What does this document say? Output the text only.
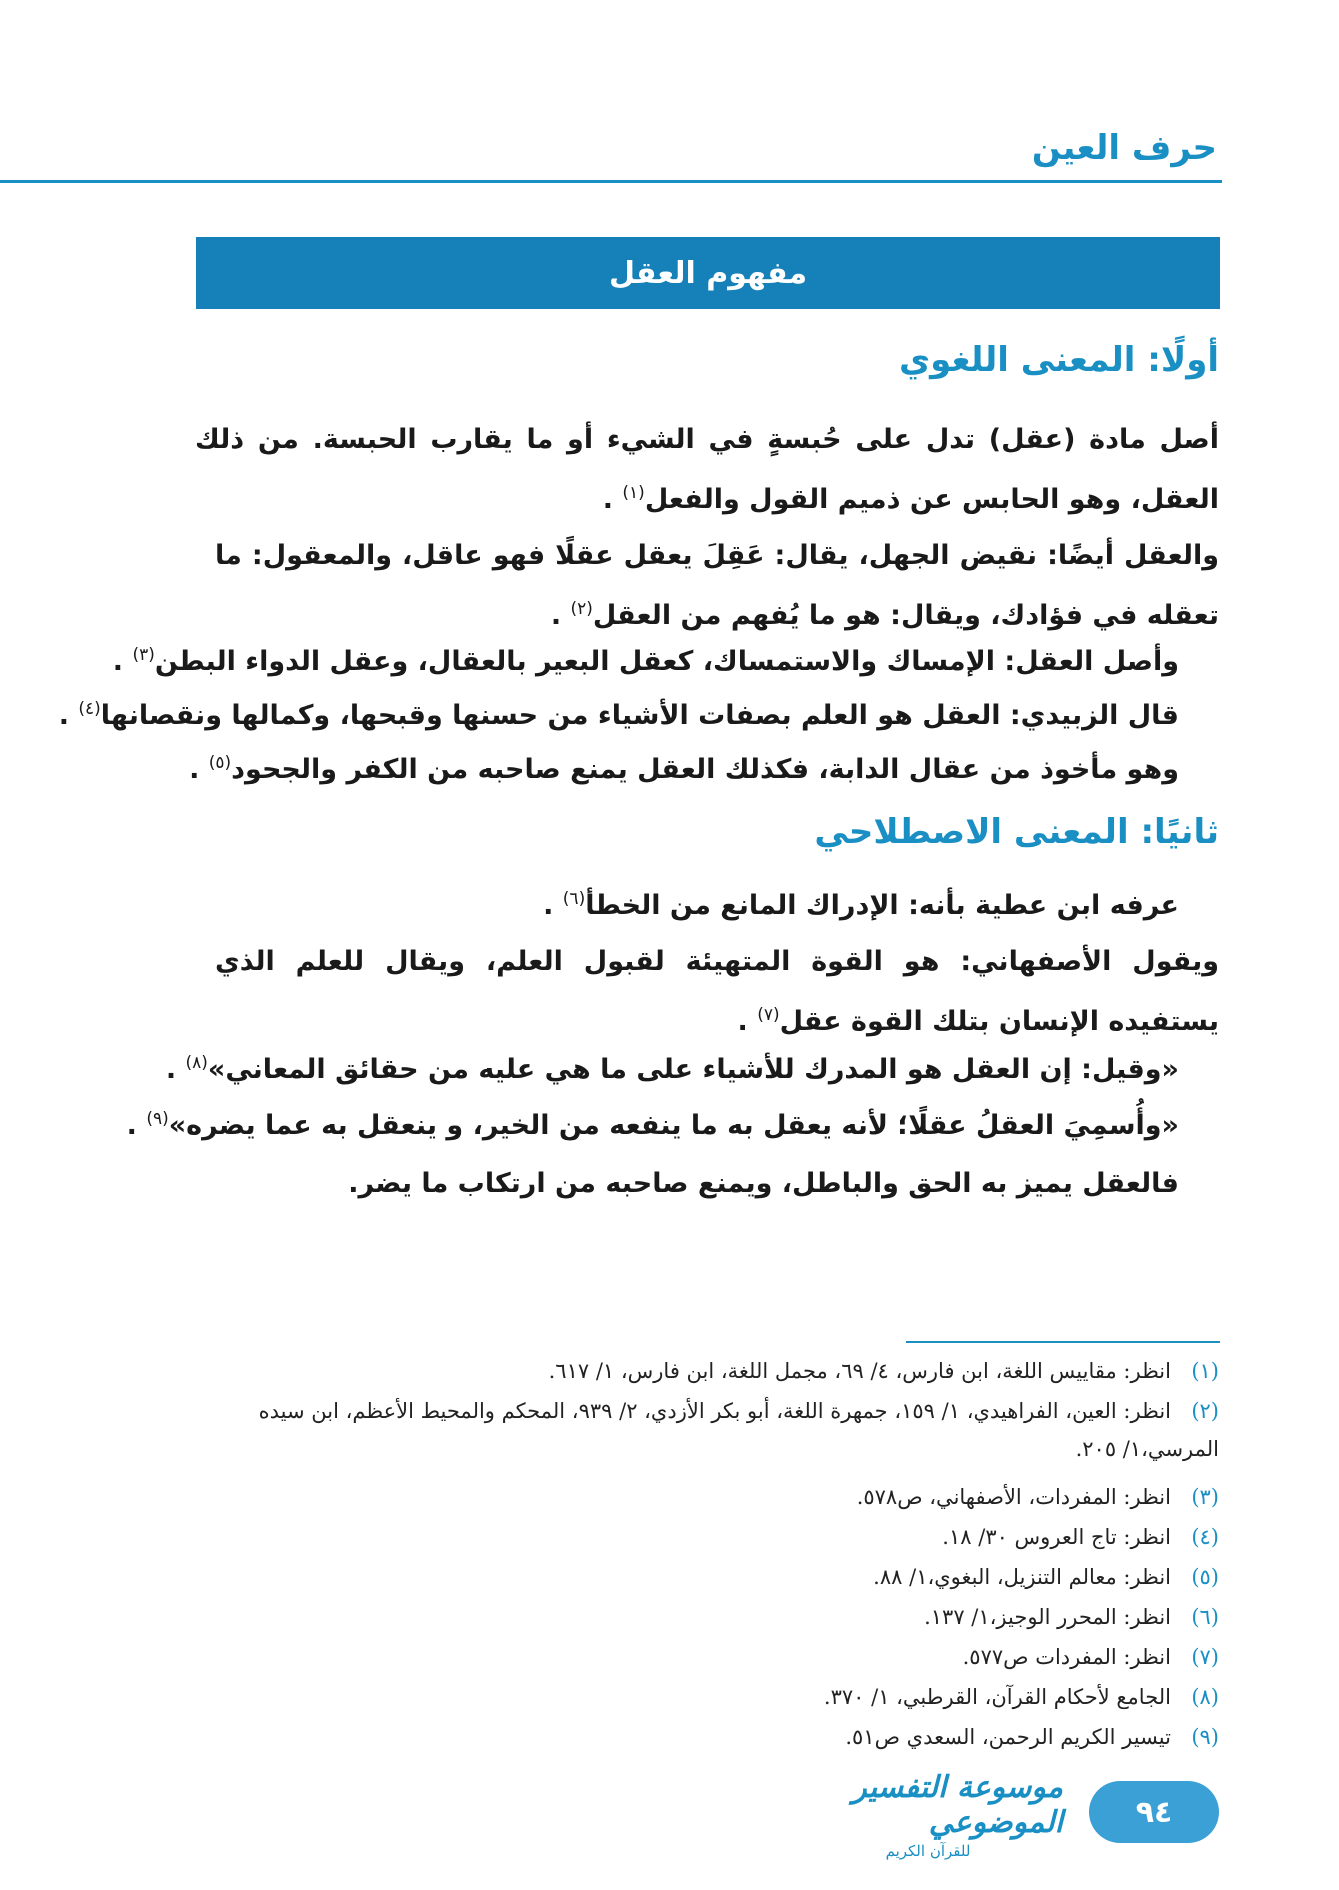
حرف العين
مفهوم العقل
أولًا: المعنى اللغوي
أصل مادة (عقل) تدل على حُبسةٍ في الشيء أو ما يقارب الحبسة. من ذلك العقل، وهو الحابس عن ذميم القول والفعل$^{(١)}$ .
والعقل أيضًا: نقيض الجهل، يقال: عَقِلَ يعقل عقلًا فهو عاقل، والمعقول: ما تعقله في فؤادك، ويقال: هو ما يُفهم من العقل$^{(٢)}$ .
وأصل العقل: الإمساك والاستمساك، كعقل البعير بالعقال، وعقل الدواء البطن$^{(٣)}$ .
قال الزبيدي: العقل هو العلم بصفات الأشياء من حسنها وقبحها، وكمالها ونقصانها$^{(٤)}$ .
وهو مأخوذ من عقال الدابة، فكذلك العقل يمنع صاحبه من الكفر والجحود$^{(٥)}$ .
ثانيًا: المعنى الاصطلاحي
عرفه ابن عطية بأنه: الإدراك المانع من الخطأ$^{(٦)}$ .
ويقول الأصفهاني: هو القوة المتهيئة لقبول العلم، ويقال للعلم الذي يستفيده الإنسان بتلك القوة عقل$^{(٧)}$ .
«وقيل: إن العقل هو المدرك للأشياء على ما هي عليه من حقائق المعاني»$^{(٨)}$ .
«وأُسمِيَ العقلُ عقلًا؛ لأنه يعقل به ما ينفعه من الخير، و ينعقل به عما يضره»$^{(٩)}$ .
فالعقل يميز به الحق والباطل، ويمنع صاحبه من ارتكاب ما يضر.
(١)انظر: مقاييس اللغة، ابن فارس، ٤/ ٦٩، مجمل اللغة، ابن فارس، ١/ ٦١٧.
(٢)انظر: العين، الفراهيدي، ١/ ١٥٩، جمهرة اللغة، أبو بكر الأزدي، ٢/ ٩٣٩، المحكم والمحيط الأعظم، ابن سيده المرسي،١/ ٢٠٥.
(٣)انظر: المفردات، الأصفهاني، ص٥٧٨.
(٤)انظر: تاج العروس ٣٠/ ١٨.
(٥)انظر: معالم التنزيل، البغوي،١/ ٨٨.
(٦)انظر: المحرر الوجيز،١/ ١٣٧.
(٧)انظر: المفردات ص٥٧٧.
(٨)الجامع لأحكام القرآن، القرطبي، ١/ ٣٧٠.
(٩)تيسير الكريم الرحمن، السعدي ص٥١.
٩٤
موسوعة التفسير الموضوعي
للقرآن الكريم
